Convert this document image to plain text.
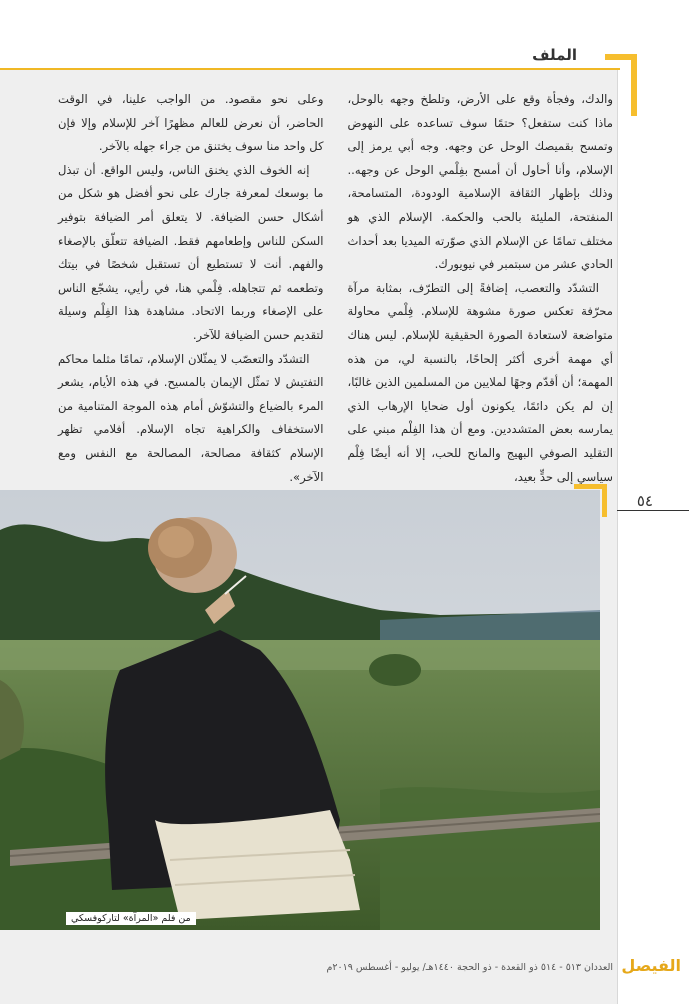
الملف

والدك، وفجأة وقع على الأرض، وتلطخ وجهه بالوحل، ماذا كنت ستفعل؟ حتمًا سوف تساعده على النهوض وتمسح بقميصك الوحل عن وجهه. وجه أبي يرمز إلى الإسلام، وأنا أحاول أن أمسح بفِلْمي الوحل عن وجهه.. وذلك بإظهار الثقافة الإسلامية الودودة، المتسامحة، المنفتحة، المليئة بالحب والحكمة. الإسلام الذي هو مختلف تمامًا عن الإسلام الذي صوّرته الميديا بعد أحداث الحادي عشر من سبتمبر في نيويورك.

التشدّد والتعصب، إضافةً إلى التطرّف، بمثابة مرآة محرّفة تعكس صورة مشوهة للإسلام. فِلْمي محاولة متواضعة لاستعادة الصورة الحقيقية للإسلام. ليس هناك أي مهمة أخرى أكثر إلحاحًا، بالنسبة لي، من هذه المهمة؛ أن أقدّم وجهًا لملايين من المسلمين الذين غالبًا، إن لم يكن دائمًا، يكونون أول ضحايا الإرهاب الذي يمارسه بعض المتشددين. ومع أن هذا الفِلْم مبني على التقليد الصوفي البهيج والمانح للحب، إلا أنه أيضًا فِلْم سياسي إلى حدٍّ بعيد،

وعلى نحو مقصود. من الواجب علينا، في الوقت الحاضر، أن نعرض للعالم مظهرًا آخر للإسلام وإلا فإن كل واحد منا سوف يختنق من جراء جهله بالآخر.

إنه الخوف الذي يخنق الناس، وليس الواقع. أن تبذل ما بوسعك لمعرفة جارك على نحو أفضل هو شكل من أشكال حسن الضيافة. لا يتعلق أمر الضيافة بتوفير السكن للناس وإطعامهم فقط. الضيافة تتعلّق بالإصغاء والفهم. أنت لا تستطيع أن تستقبل شخصًا في بيتك وتطعمه ثم تتجاهله. فِلْمي هنا، في رأيي، يشجّع الناس على الإصغاء وربما الاتحاد. مشاهدة هذا الفِلْم وسيلة لتقديم حسن الضيافة للآخر.

التشدّد والتعصّب لا يمثّلان الإسلام، تمامًا مثلما محاكم التفتيش لا تمثّل الإيمان بالمسيح. في هذه الأيام، يشعر المرء بالضياع والتشوّش أمام هذه الموجة المتنامية من الاستخفاف والكراهية تجاه الإسلام. أفلامي تظهر الإسلام كثقافة مصالحة، المصالحة مع النفس ومع الآخر».

من فلم «المرآة» لتاركوفسكي
٥٤
الفيصل
العددان ٥١٣ - ٥١٤ ذو القعدة - ذو الحجة ١٤٤٠هـ/ يوليو - أغسطس ٢٠١٩م
